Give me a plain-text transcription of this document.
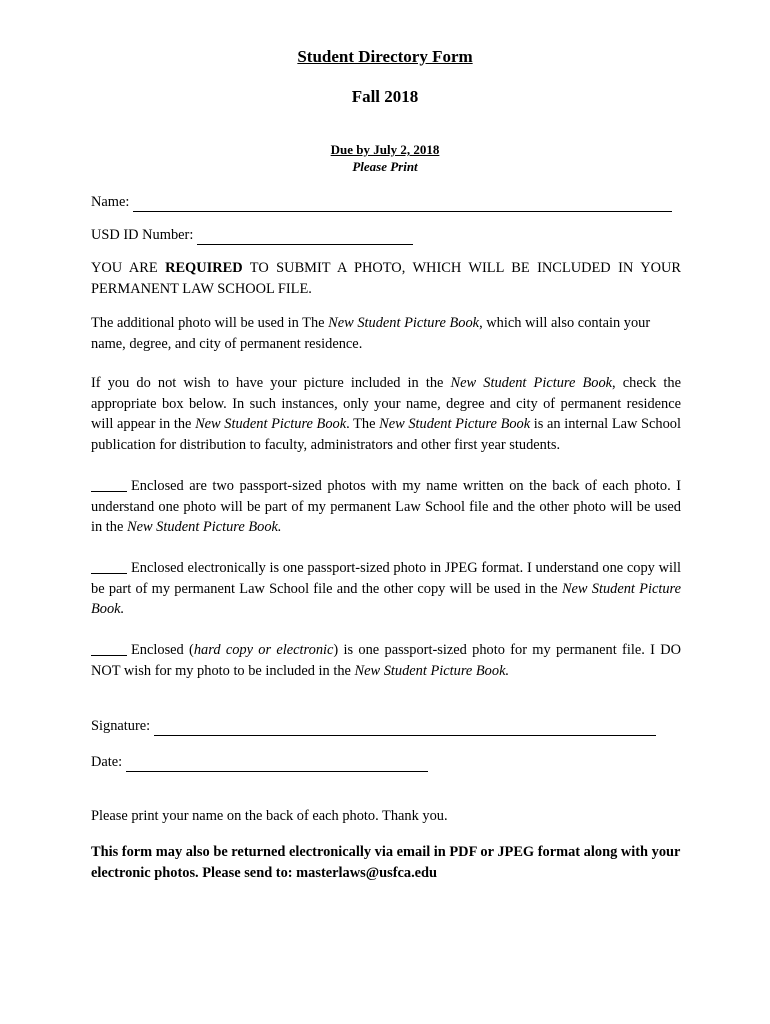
Student Directory Form
Fall 2018
Due by July 2, 2018
Please Print
Name:
USD ID Number:
YOU ARE REQUIRED TO SUBMIT A PHOTO, WHICH WILL BE INCLUDED IN YOUR PERMANENT LAW SCHOOL FILE.
The additional photo will be used in The New Student Picture Book, which will also contain your name, degree, and city of permanent residence.
If you do not wish to have your picture included in the New Student Picture Book, check the appropriate box below. In such instances, only your name, degree and city of permanent residence will appear in the New Student Picture Book. The New Student Picture Book is an internal Law School publication for distribution to faculty, administrators and other first year students.
Enclosed are two passport-sized photos with my name written on the back of each photo. I understand one photo will be part of my permanent Law School file and the other photo will be used in the New Student Picture Book.
Enclosed electronically is one passport-sized photo in JPEG format. I understand one copy will be part of my permanent Law School file and the other copy will be used in the New Student Picture Book.
Enclosed (hard copy or electronic) is one passport-sized photo for my permanent file. I DO NOT wish for my photo to be included in the New Student Picture Book.
Signature:
Date:
Please print your name on the back of each photo. Thank you.
This form may also be returned electronically via email in PDF or JPEG format along with your electronic photos. Please send to: masterlaws@usfca.edu
